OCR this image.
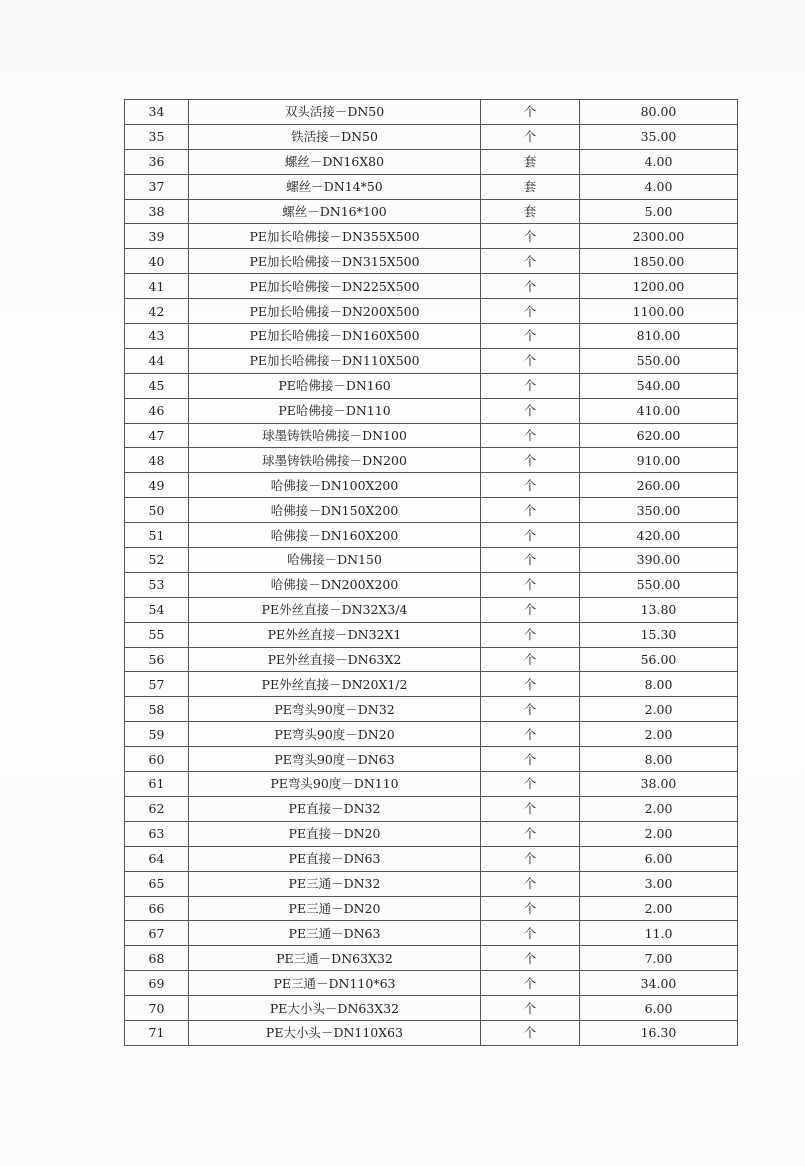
34	双头活接－DN50	个	80.00
35	铁活接－DN50	个	35.00
36	螺丝－DN16X80	套	4.00
37	螺丝－DN14*50	套	4.00
38	螺丝－DN16*100	套	5.00
39	PE加长哈佛接－DN355X500	个	2300.00
40	PE加长哈佛接－DN315X500	个	1850.00
41	PE加长哈佛接－DN225X500	个	1200.00
42	PE加长哈佛接－DN200X500	个	1100.00
43	PE加长哈佛接－DN160X500	个	810.00
44	PE加长哈佛接－DN110X500	个	550.00
45	PE哈佛接－DN160	个	540.00
46	PE哈佛接－DN110	个	410.00
47	球墨铸铁哈佛接－DN100	个	620.00
48	球墨铸铁哈佛接－DN200	个	910.00
49	哈佛接－DN100X200	个	260.00
50	哈佛接－DN150X200	个	350.00
51	哈佛接－DN160X200	个	420.00
52	哈佛接－DN150	个	390.00
53	哈佛接－DN200X200	个	550.00
54	PE外丝直接－DN32X3/4	个	13.80
55	PE外丝直接－DN32X1	个	15.30
56	PE外丝直接－DN63X2	个	56.00
57	PE外丝直接－DN20X1/2	个	8.00
58	PE弯头90度－DN32	个	2.00
59	PE弯头90度－DN20	个	2.00
60	PE弯头90度－DN63	个	8.00
61	PE弯头90度－DN110	个	38.00
62	PE直接－DN32	个	2.00
63	PE直接－DN20	个	2.00
64	PE直接－DN63	个	6.00
65	PE三通－DN32	个	3.00
66	PE三通－DN20	个	2.00
67	PE三通－DN63	个	11.0
68	PE三通－DN63X32	个	7.00
69	PE三通－DN110*63	个	34.00
70	PE大小头－DN63X32	个	6.00
71	PE大小头－DN110X63	个	16.30
